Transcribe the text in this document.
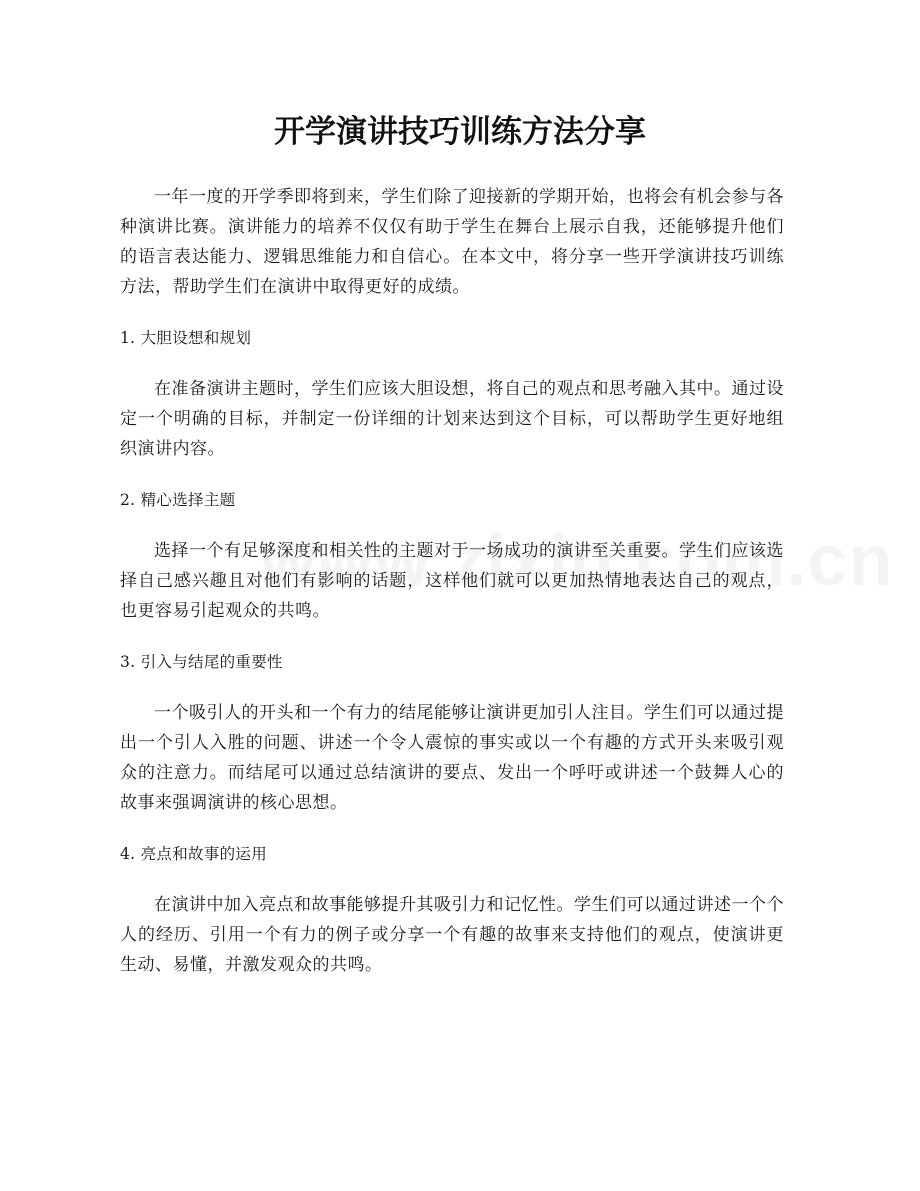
开学演讲技巧训练方法分享

一年一度的开学季即将到来，学生们除了迎接新的学期开始，也将会有机会参与各种演讲比赛。演讲能力的培养不仅仅有助于学生在舞台上展示自我，还能够提升他们的语言表达能力、逻辑思维能力和自信心。在本文中，将分享一些开学演讲技巧训练方法，帮助学生们在演讲中取得更好的成绩。

1. 大胆设想和规划

在准备演讲主题时，学生们应该大胆设想，将自己的观点和思考融入其中。通过设定一个明确的目标，并制定一份详细的计划来达到这个目标，可以帮助学生更好地组织演讲内容。

2. 精心选择主题

选择一个有足够深度和相关性的主题对于一场成功的演讲至关重要。学生们应该选择自己感兴趣且对他们有影响的话题，这样他们就可以更加热情地表达自己的观点，也更容易引起观众的共鸣。

3. 引入与结尾的重要性

一个吸引人的开头和一个有力的结尾能够让演讲更加引人注目。学生们可以通过提出一个引人入胜的问题、讲述一个令人震惊的事实或以一个有趣的方式开头来吸引观众的注意力。而结尾可以通过总结演讲的要点、发出一个呼吁或讲述一个鼓舞人心的故事来强调演讲的核心思想。

4. 亮点和故事的运用

在演讲中加入亮点和故事能够提升其吸引力和记忆性。学生们可以通过讲述一个个人的经历、引用一个有力的例子或分享一个有趣的故事来支持他们的观点，使演讲更生动、易懂，并激发观众的共鸣。
